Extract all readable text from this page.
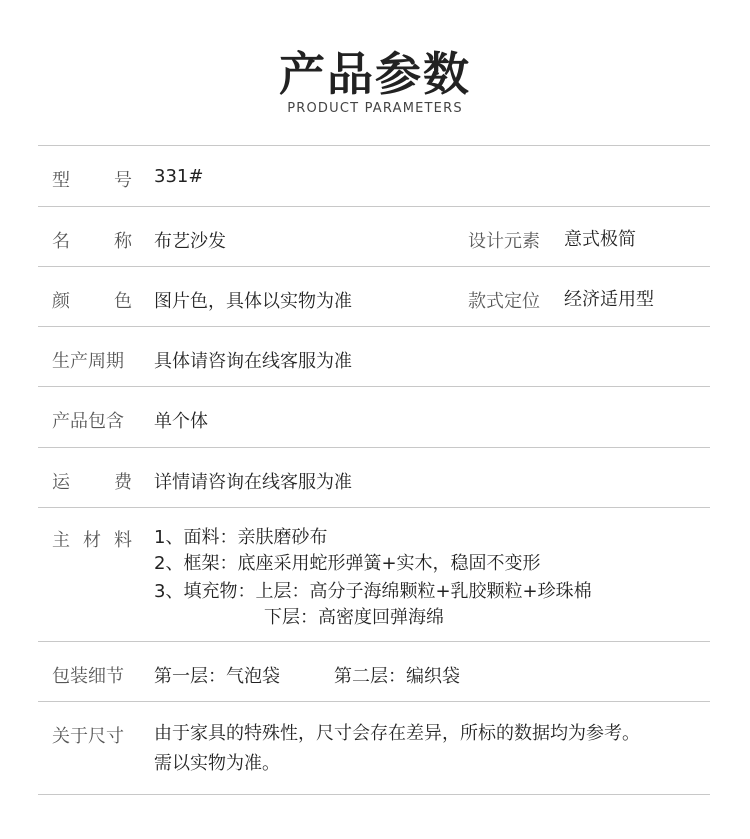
产品参数
PRODUCT PARAMETERS
型 号 331#
名 称 布艺沙发	设计元素 意式极简
颜 色 图片色，具体以实物为准	款式定位 经济适用型
生产周期	具体请咨询在线客服为准
产品包含	单个体
运 费 详情请咨询在线客服为准
主 材 料 1、面料：亲肤磨砂布
2、框架：底座采用蛇形弹簧+实木，稳固不变形
3、填充物：上层：高分子海绵颗粒+乳胶颗粒+珍珠棉
下层：高密度回弹海绵
包装细节	第一层：气泡袋	第二层：编织袋
关于尺寸	由于家具的特殊性，尺寸会存在差异，所标的数据均为参考。
需以实物为准。
